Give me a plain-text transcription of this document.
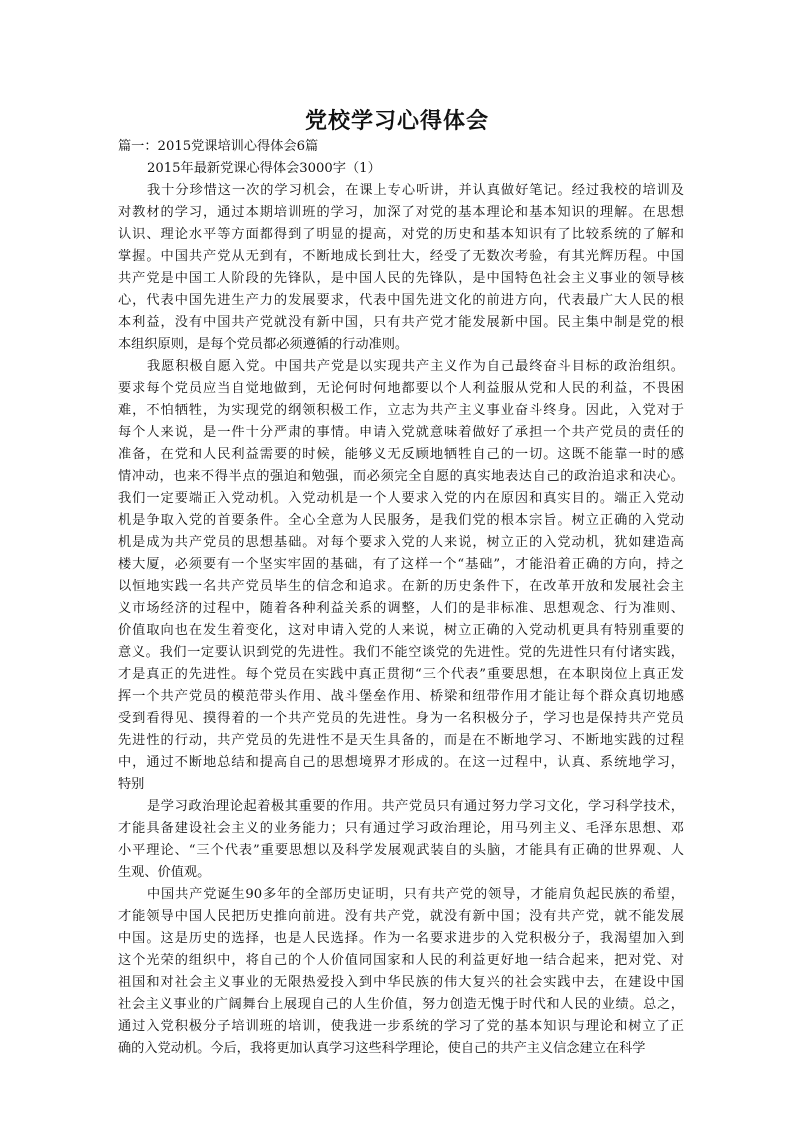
党校学习心得体会
篇一：2015党课培训心得体会6篇
2015年最新党课心得体会3000字（1）
我十分珍惜这一次的学习机会，在课上专心听讲，并认真做好笔记。经过我校的培训及
对教材的学习，通过本期培训班的学习，加深了对党的基本理论和基本知识的理解。在思想
认识、理论水平等方面都得到了明显的提高，对党的历史和基本知识有了比较系统的了解和
掌握。中国共产党从无到有，不断地成长到壮大，经受了无数次考验，有其光辉历程。中国
共产党是中国工人阶段的先锋队，是中国人民的先锋队，是中国特色社会主义事业的领导核
心，代表中国先进生产力的发展要求，代表中国先进文化的前进方向，代表最广大人民的根
本利益，没有中国共产党就没有新中国，只有共产党才能发展新中国。民主集中制是党的根
本组织原则，是每个党员都必须遵循的行动准则。
我愿积极自愿入党。中国共产党是以实现共产主义作为自己最终奋斗目标的政治组织。
要求每个党员应当自觉地做到，无论何时何地都要以个人利益服从党和人民的利益，不畏困
难，不怕牺牲，为实现党的纲领积极工作，立志为共产主义事业奋斗终身。因此，入党对于
每个人来说，是一件十分严肃的事情。申请入党就意味着做好了承担一个共产党员的责任的
准备，在党和人民利益需要的时候，能够义无反顾地牺牲自己的一切。这既不能靠一时的感
情冲动，也来不得半点的强迫和勉强，而必须完全自愿的真实地表达自己的政治追求和决心。
我们一定要端正入党动机。入党动机是一个人要求入党的内在原因和真实目的。端正入党动
机是争取入党的首要条件。全心全意为人民服务，是我们党的根本宗旨。树立正确的入党动
机是成为共产党员的思想基础。对每个要求入党的人来说，树立正的入党动机，犹如建造高
楼大厦，必须要有一个坚实牢固的基础，有了这样一个“基础”，才能沿着正确的方向，持之
以恒地实践一名共产党员毕生的信念和追求。在新的历史条件下，在改革开放和发展社会主
义市场经济的过程中，随着各种利益关系的调整，人们的是非标准、思想观念、行为准则、
价值取向也在发生着变化，这对申请入党的人来说，树立正确的入党动机更具有特别重要的
意义。我们一定要认识到党的先进性。我们不能空谈党的先进性。党的先进性只有付诸实践，
才是真正的先进性。每个党员在实践中真正贯彻“三个代表”重要思想，在本职岗位上真正发
挥一个共产党员的模范带头作用、战斗堡垒作用、桥梁和纽带作用才能让每个群众真切地感
受到看得见、摸得着的一个共产党员的先进性。身为一名积极分子，学习也是保持共产党员
先进性的行动，共产党员的先进性不是天生具备的，而是在不断地学习、不断地实践的过程
中，通过不断地总结和提高自己的思想境界才形成的。在这一过程中，认真、系统地学习，
特别
是学习政治理论起着极其重要的作用。共产党员只有通过努力学习文化，学习科学技术，
才能具备建设社会主义的业务能力；只有通过学习政治理论，用马列主义、毛泽东思想、邓
小平理论、“三个代表”重要思想以及科学发展观武装自的头脑，才能具有正确的世界观、人
生观、价值观。
中国共产党诞生90多年的全部历史证明，只有共产党的领导，才能肩负起民族的希望，
才能领导中国人民把历史推向前进。没有共产党，就没有新中国；没有共产党，就不能发展
中国。这是历史的选择，也是人民选择。作为一名要求进步的入党积极分子，我渴望加入到
这个光荣的组织中，将自己的个人价值同国家和人民的利益更好地一结合起来，把对党、对
祖国和对社会主义事业的无限热爱投入到中华民族的伟大复兴的社会实践中去，在建设中国
社会主义事业的广阔舞台上展现自己的人生价值，努力创造无愧于时代和人民的业绩。总之，
通过入党积极分子培训班的培训，使我进一步系统的学习了党的基本知识与理论和树立了正
确的入党动机。今后，我将更加认真学习这些科学理论，使自己的共产主义信念建立在科学
